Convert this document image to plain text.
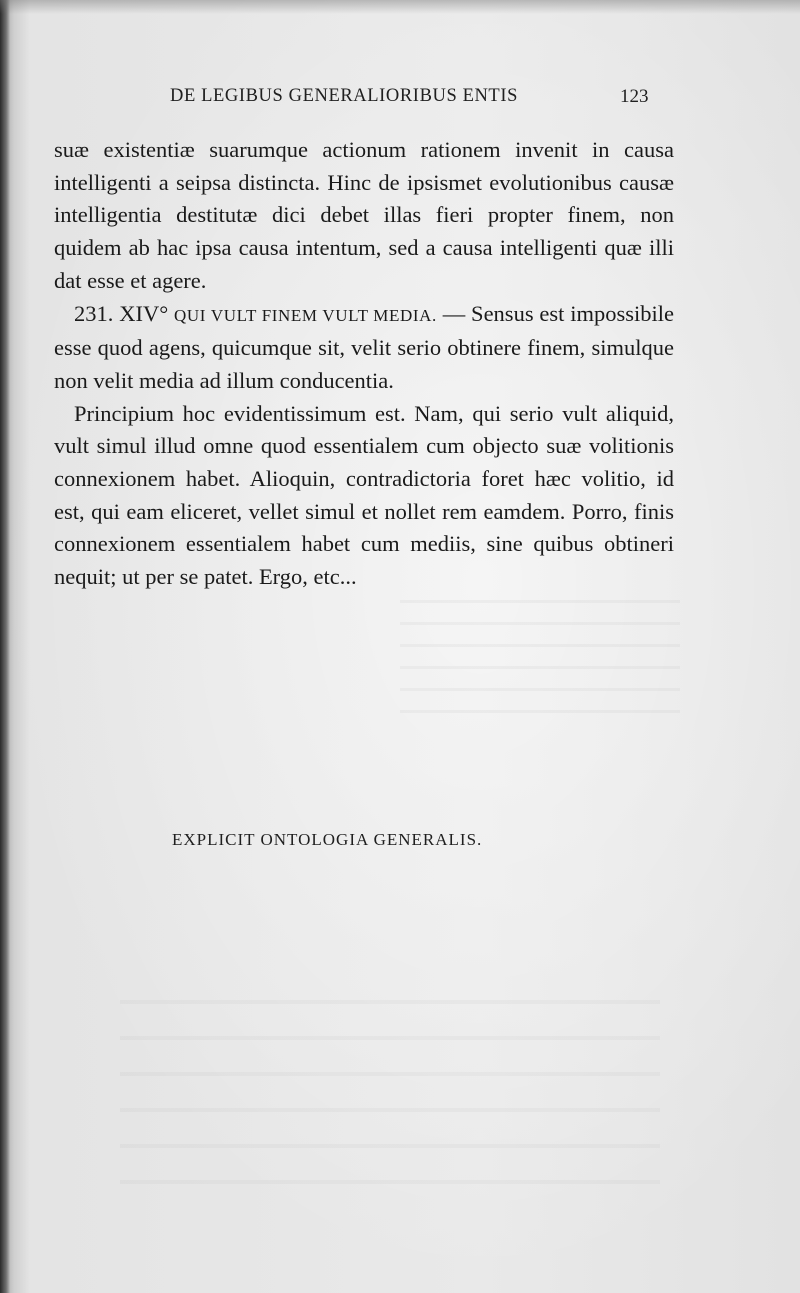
DE LEGIBUS GENERALIORIBUS ENTIS	123

suæ existentiæ suarumque actionum rationem invenit in causa intelligenti a seipsa distincta. Hinc de ipsismet evolutionibus causæ intelligentia destitutæ dici debet illas fieri propter finem, non quidem ab hac ipsa causa intentum, sed a causa intelligenti quæ illi dat esse et agere.

231. XIV° QUI VULT FINEM VULT MEDIA. — Sensus est impossibile esse quod agens, quicumque sit, velit serio obtinere finem, simulque non velit media ad illum conducentia.

Principium hoc evidentissimum est. Nam, qui serio vult aliquid, vult simul illud omne quod essentialem cum objecto suæ volitionis connexionem habet. Alioquin, contradictoria foret hæc volitio, id est, qui eam eliceret, vellet simul et nollet rem eamdem. Porro, finis connexionem essentialem habet cum mediis, sine quibus obtineri nequit; ut per se patet. Ergo, etc...

EXPLICIT ONTOLOGIA GENERALIS.
